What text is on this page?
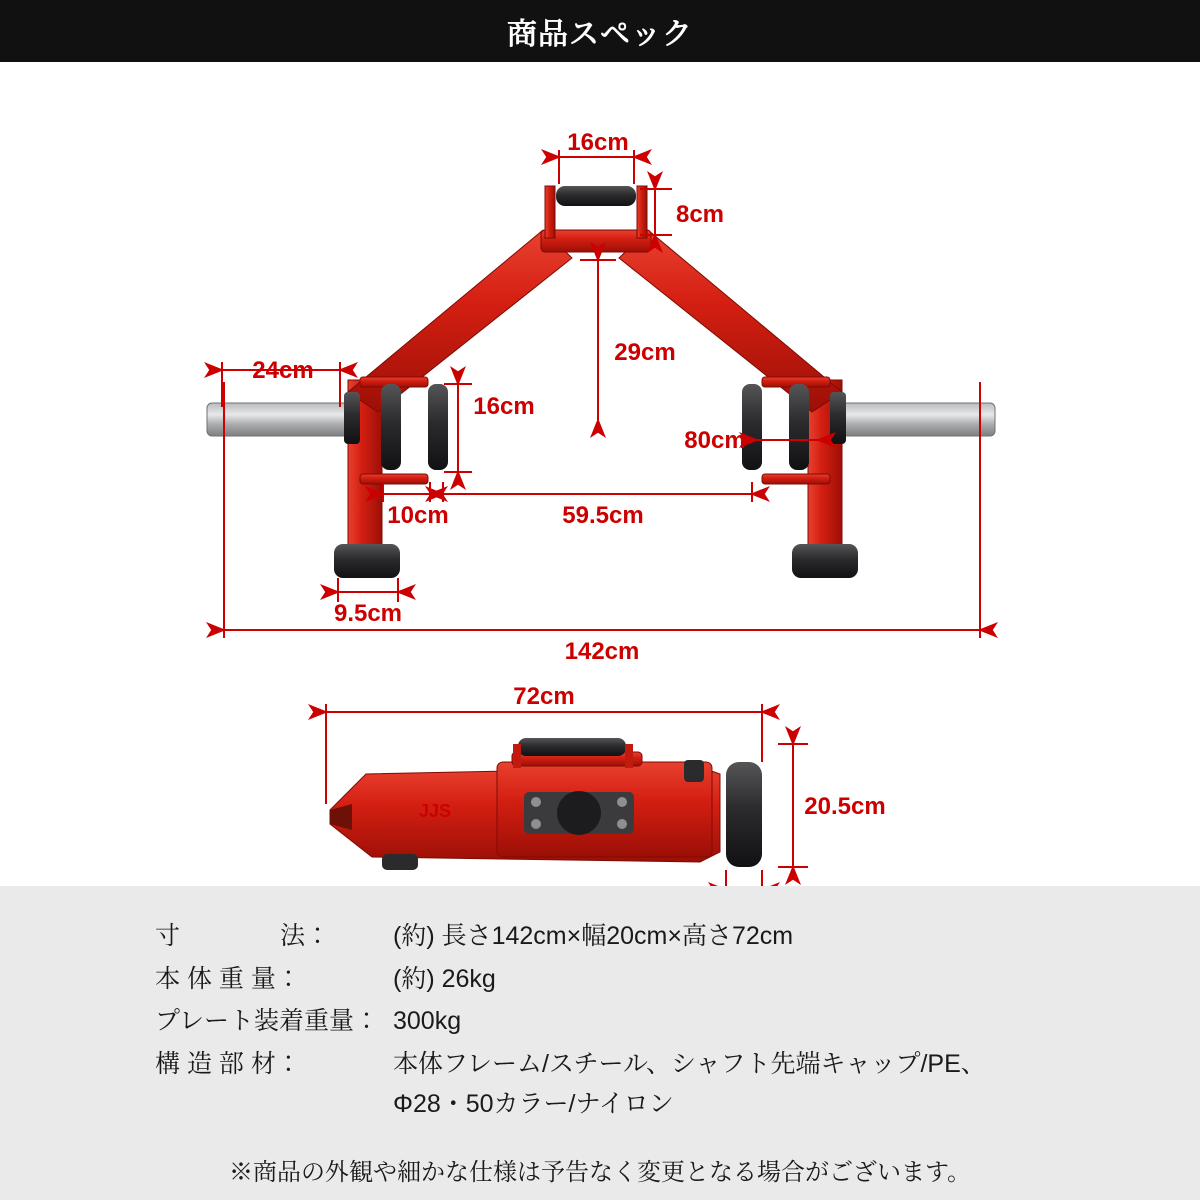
商品スペック
16cm
8cm
29cm
24cm
16cm
80cm
10cm	59.5cm
9.5cm
142cm
JJS
72cm
20.5cm
寸　　　　法：	(約) 長さ142cm×幅20cm×高さ72cm
本 体 重 量：	(約) 26kg
プレート装着重量： 300kg
構 造 部 材：	本体フレーム/スチール、シャフト先端キャップ/PE、
Φ28・50カラー/ナイロン
※商品の外観や細かな仕様は予告なく変更となる場合がございます。
